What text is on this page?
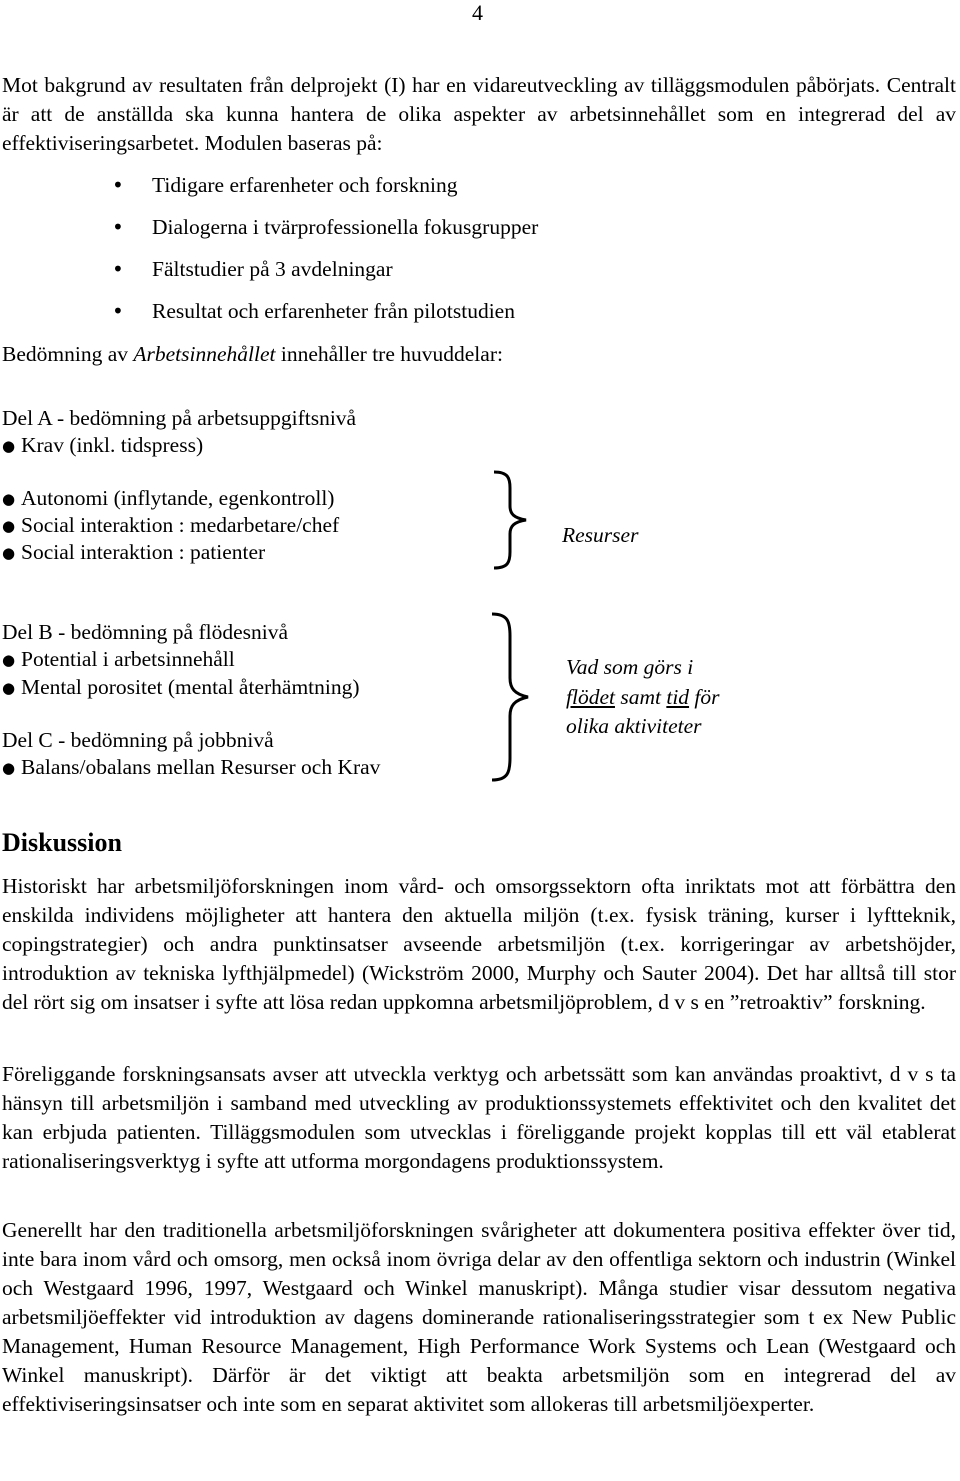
4

Mot bakgrund av resultaten från delprojekt (I) har en vidareutveckling av tilläggsmodulen påbörjats. Centralt är att de anställda ska kunna hantera de olika aspekter av arbetsinnehållet som en integrerad del av effektiviseringsarbetet. Modulen baseras på:

• Tidigare erfarenheter och forskning
• Dialogerna i tvärprofessionella fokusgrupper
• Fältstudier på 3 avdelningar
• Resultat och erfarenheter från pilotstudien

Bedömning av Arbetsinnehållet innehåller tre huvuddelar:

Del A - bedömning på arbetsuppgiftsnivå

● Krav (inkl. tidspress)

● Autonomi (inflytande, egenkontroll)

● Social interaktion : medarbetare/chef

● Social interaktion : patienter

Resurser

Del B - bedömning på flödesnivå

● Potential i arbetsinnehåll

● Mental porositet (mental återhämtning)

Del C - bedömning på jobbnivå

● Balans/obalans mellan Resurser och Krav

Vad som görs i
flödet samt tid för
olika aktiviteter
Diskussion

Historiskt har arbetsmiljöforskningen inom vård- och omsorgssektorn ofta inriktats mot att förbättra den enskilda individens möjligheter att hantera den aktuella miljön (t.ex. fysisk träning, kurser i lyftteknik, copingstrategier) och andra punktinsatser avseende arbetsmiljön (t.ex. korrigeringar av arbetshöjder, introduktion av tekniska lyfthjälpmedel) (Wickström 2000, Murphy och Sauter 2004). Det har alltså till stor del rört sig om insatser i syfte att lösa redan uppkomna arbetsmiljöproblem, d v s en ”retroaktiv” forskning.

Föreliggande forskningsansats avser att utveckla verktyg och arbetssätt som kan användas proaktivt, d v s ta hänsyn till arbetsmiljön i samband med utveckling av produktionssystemets effektivitet och den kvalitet det kan erbjuda patienten. Tilläggsmodulen som utvecklas i föreliggande projekt kopplas till ett väl etablerat rationaliseringsverktyg i syfte att utforma morgondagens produktionssystem.

Generellt har den traditionella arbetsmiljöforskningen svårigheter att dokumentera positiva effekter över tid, inte bara inom vård och omsorg, men också inom övriga delar av den offentliga sektorn och industrin (Winkel och Westgaard 1996, 1997, Westgaard och Winkel manuskript). Många studier visar dessutom negativa arbetsmiljöeffekter vid introduktion av dagens dominerande rationaliseringsstrategier som t ex New Public Management, Human Resource Management, High Performance Work Systems och Lean (Westgaard och Winkel manuskript). Därför är det viktigt att beakta arbetsmiljön som en integrerad del av effektiviseringsinsatser och inte som en separat aktivitet som allokeras till arbetsmiljöexperter.
